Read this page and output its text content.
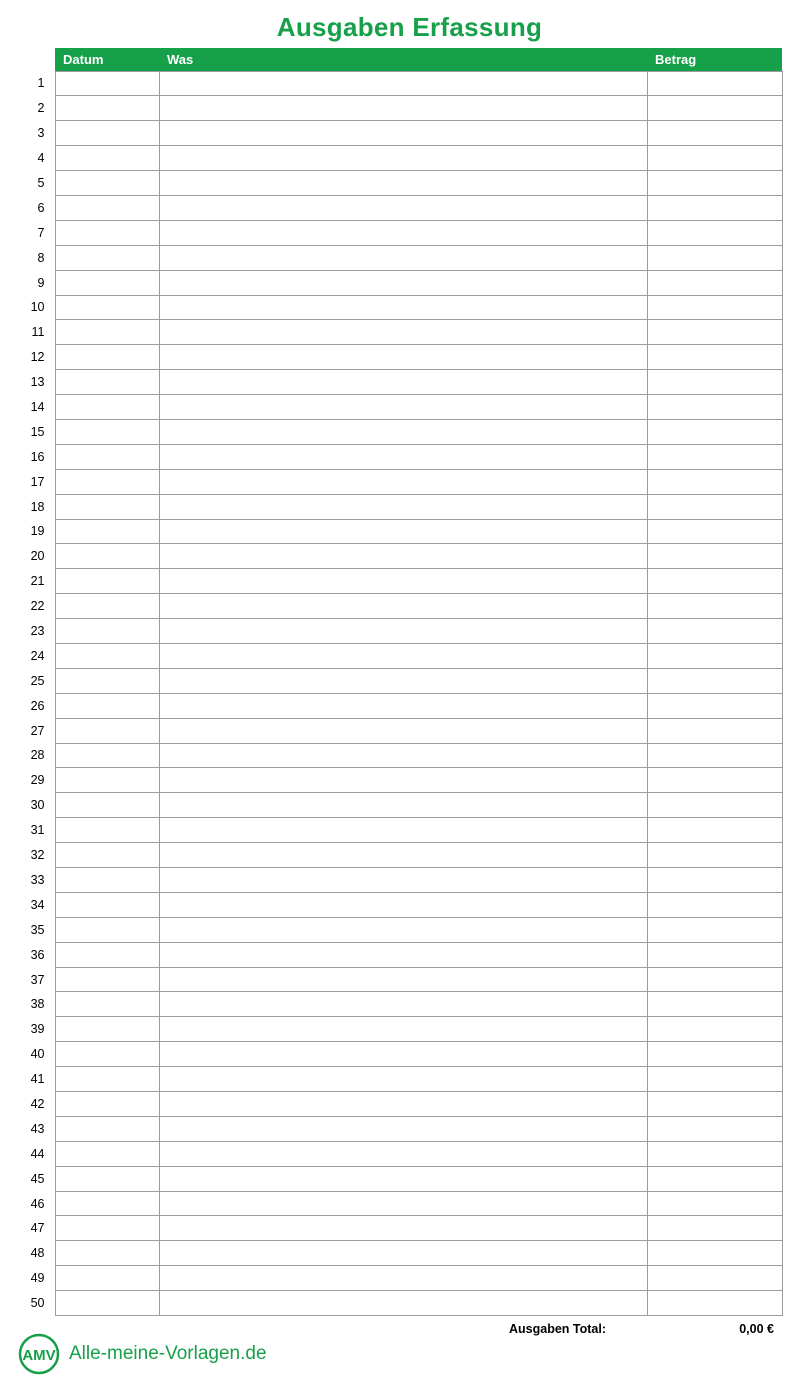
Ausgaben Erfassung
	Datum	Was	Betrag
1			
2			
3			
4			
5			
6			
7			
8			
9			
10			
11			
12			
13			
14			
15			
16			
17			
18			
19			
20			
21			
22			
23			
24			
25			
26			
27			
28			
29			
30			
31			
32			
33			
34			
35			
36			
37			
38			
39			
40			
41			
42			
43			
44			
45			
46			
47			
48			
49			
50			
Ausgaben Total:	0,00 €
AMV Alle-meine-Vorlagen.de
